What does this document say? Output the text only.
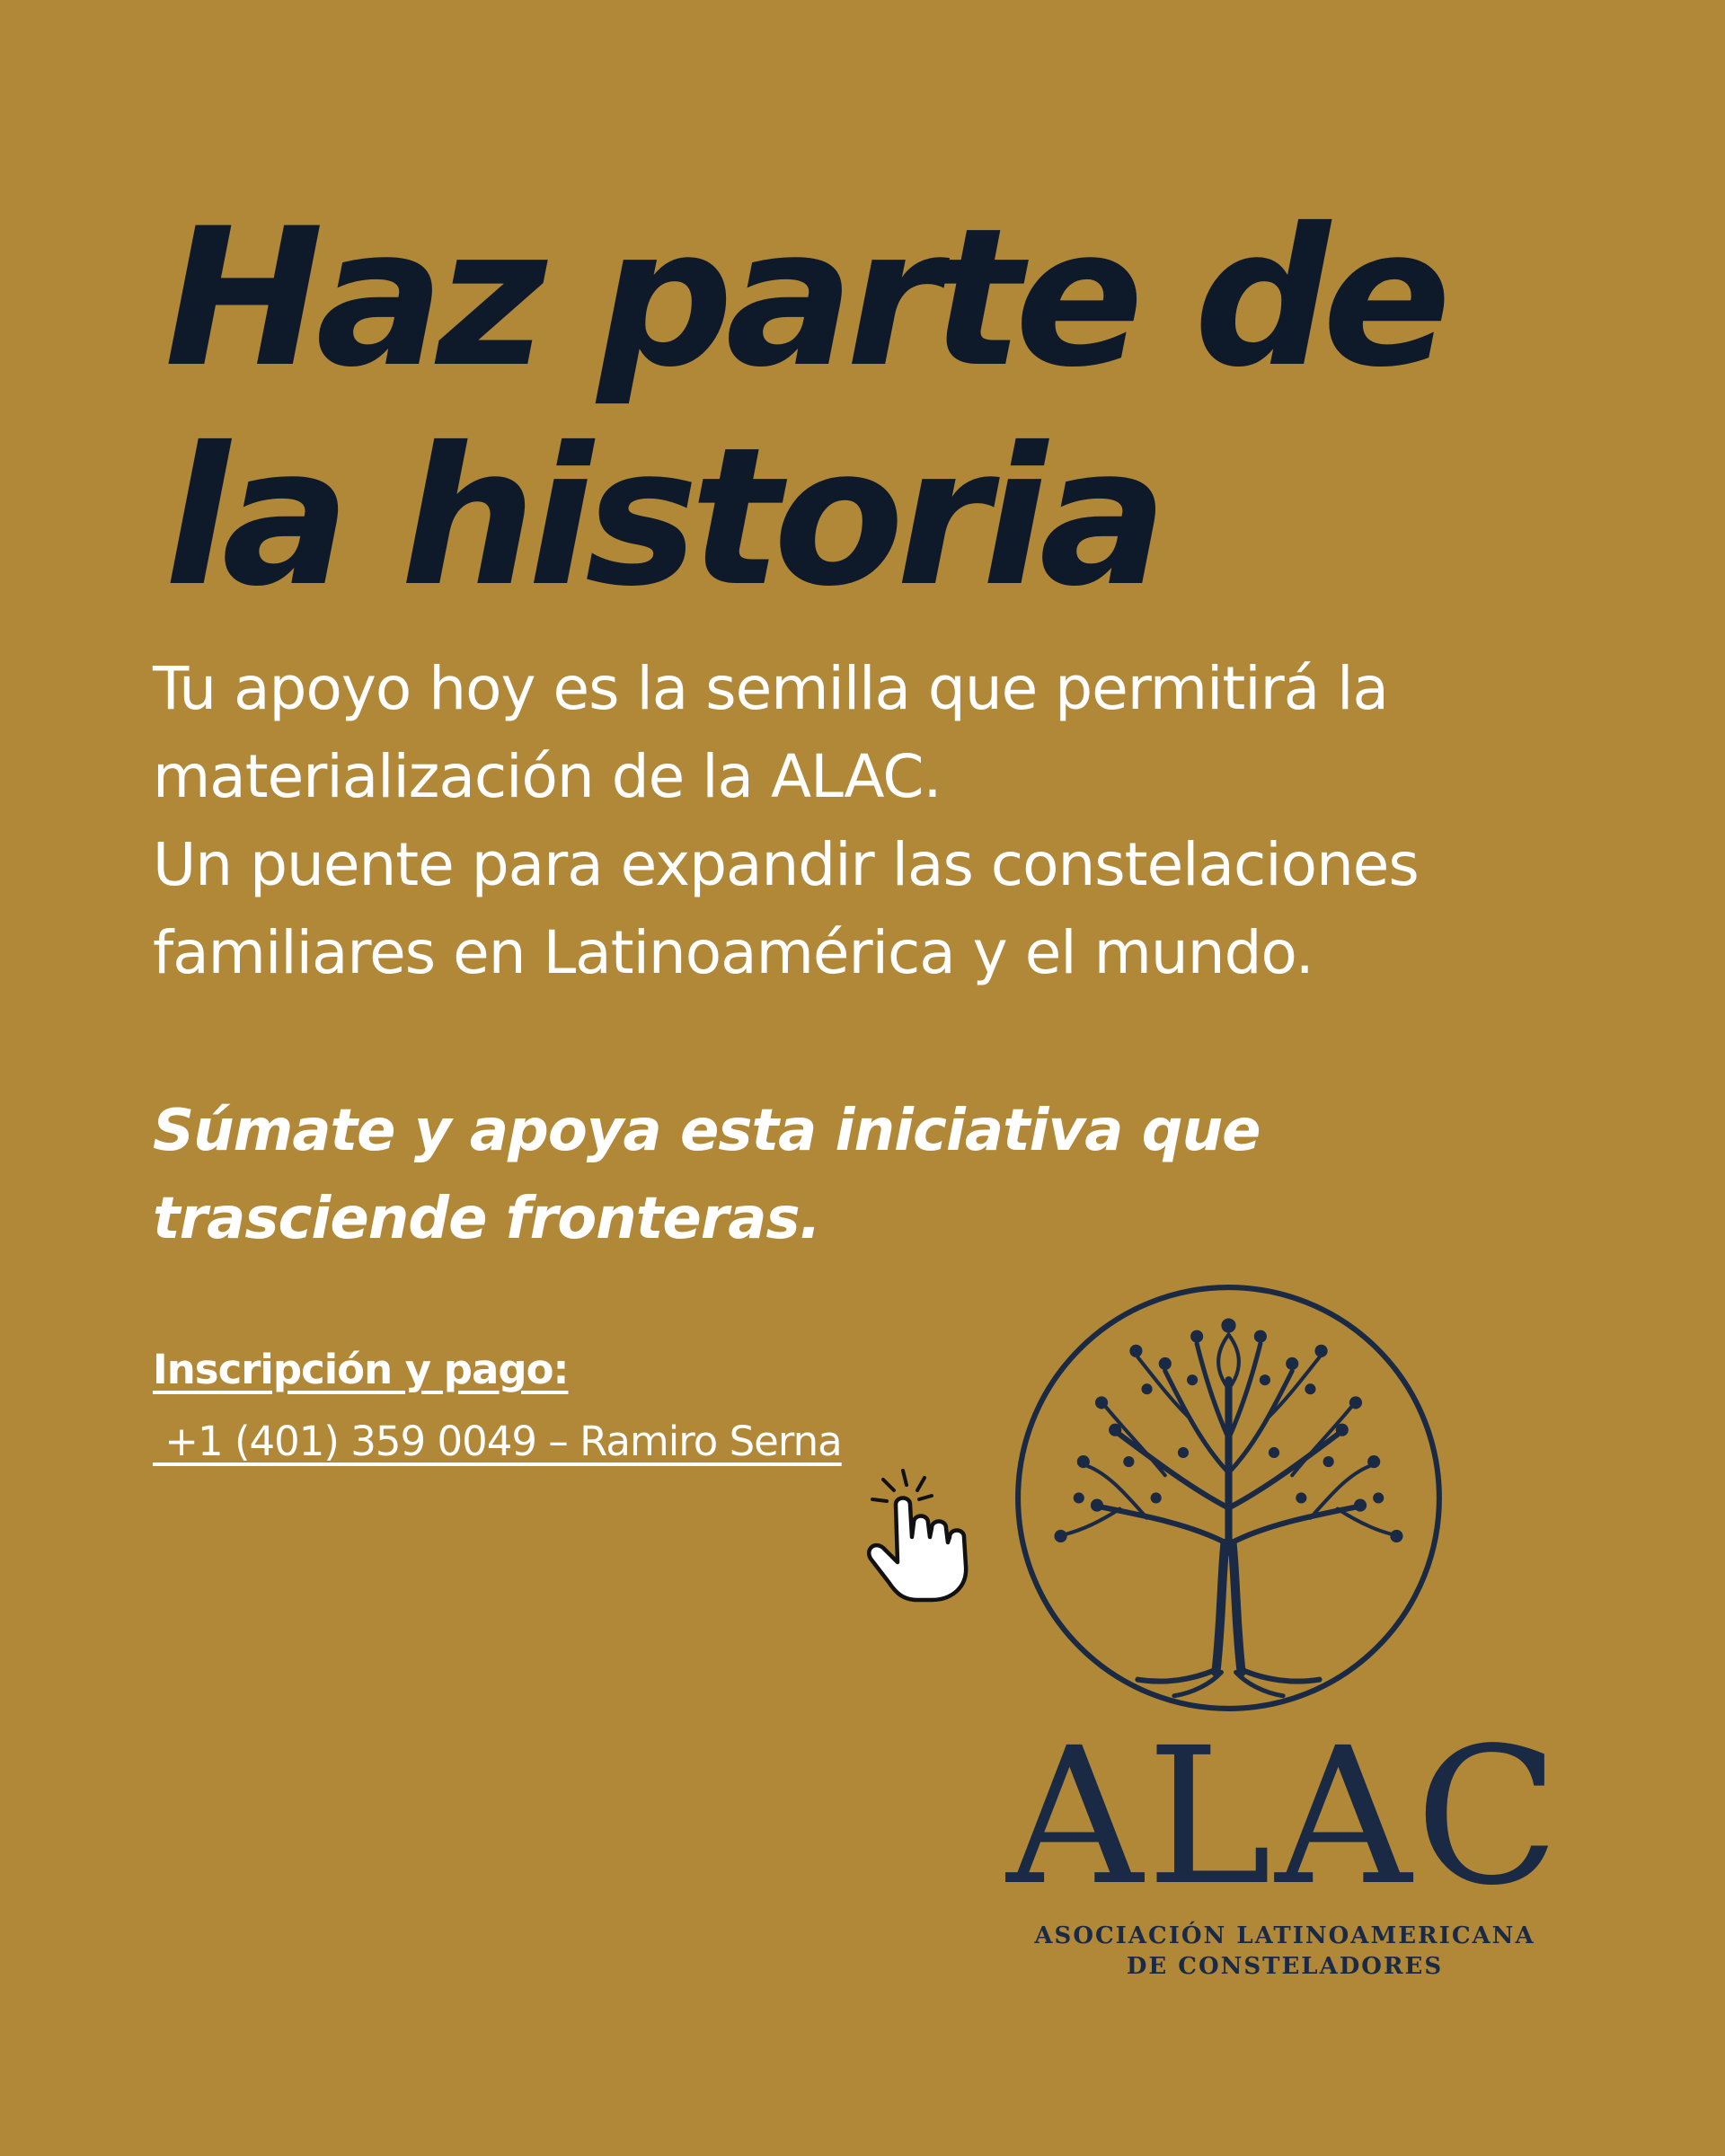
Haz parte de
la historia

Tu apoyo hoy es la semilla que permitirá la
materialización de la ALAC.
Un puente para expandir las constelaciones
familiares en Latinoamérica y el mundo.

Súmate y apoya esta iniciativa que
trasciende fronteras.

Inscripción y pago:
+1 (401) 359 0049 – Ramiro Serna
ALAC
ASOCIACIÓN LATINOAMERICANA
DE CONSTELADORES
